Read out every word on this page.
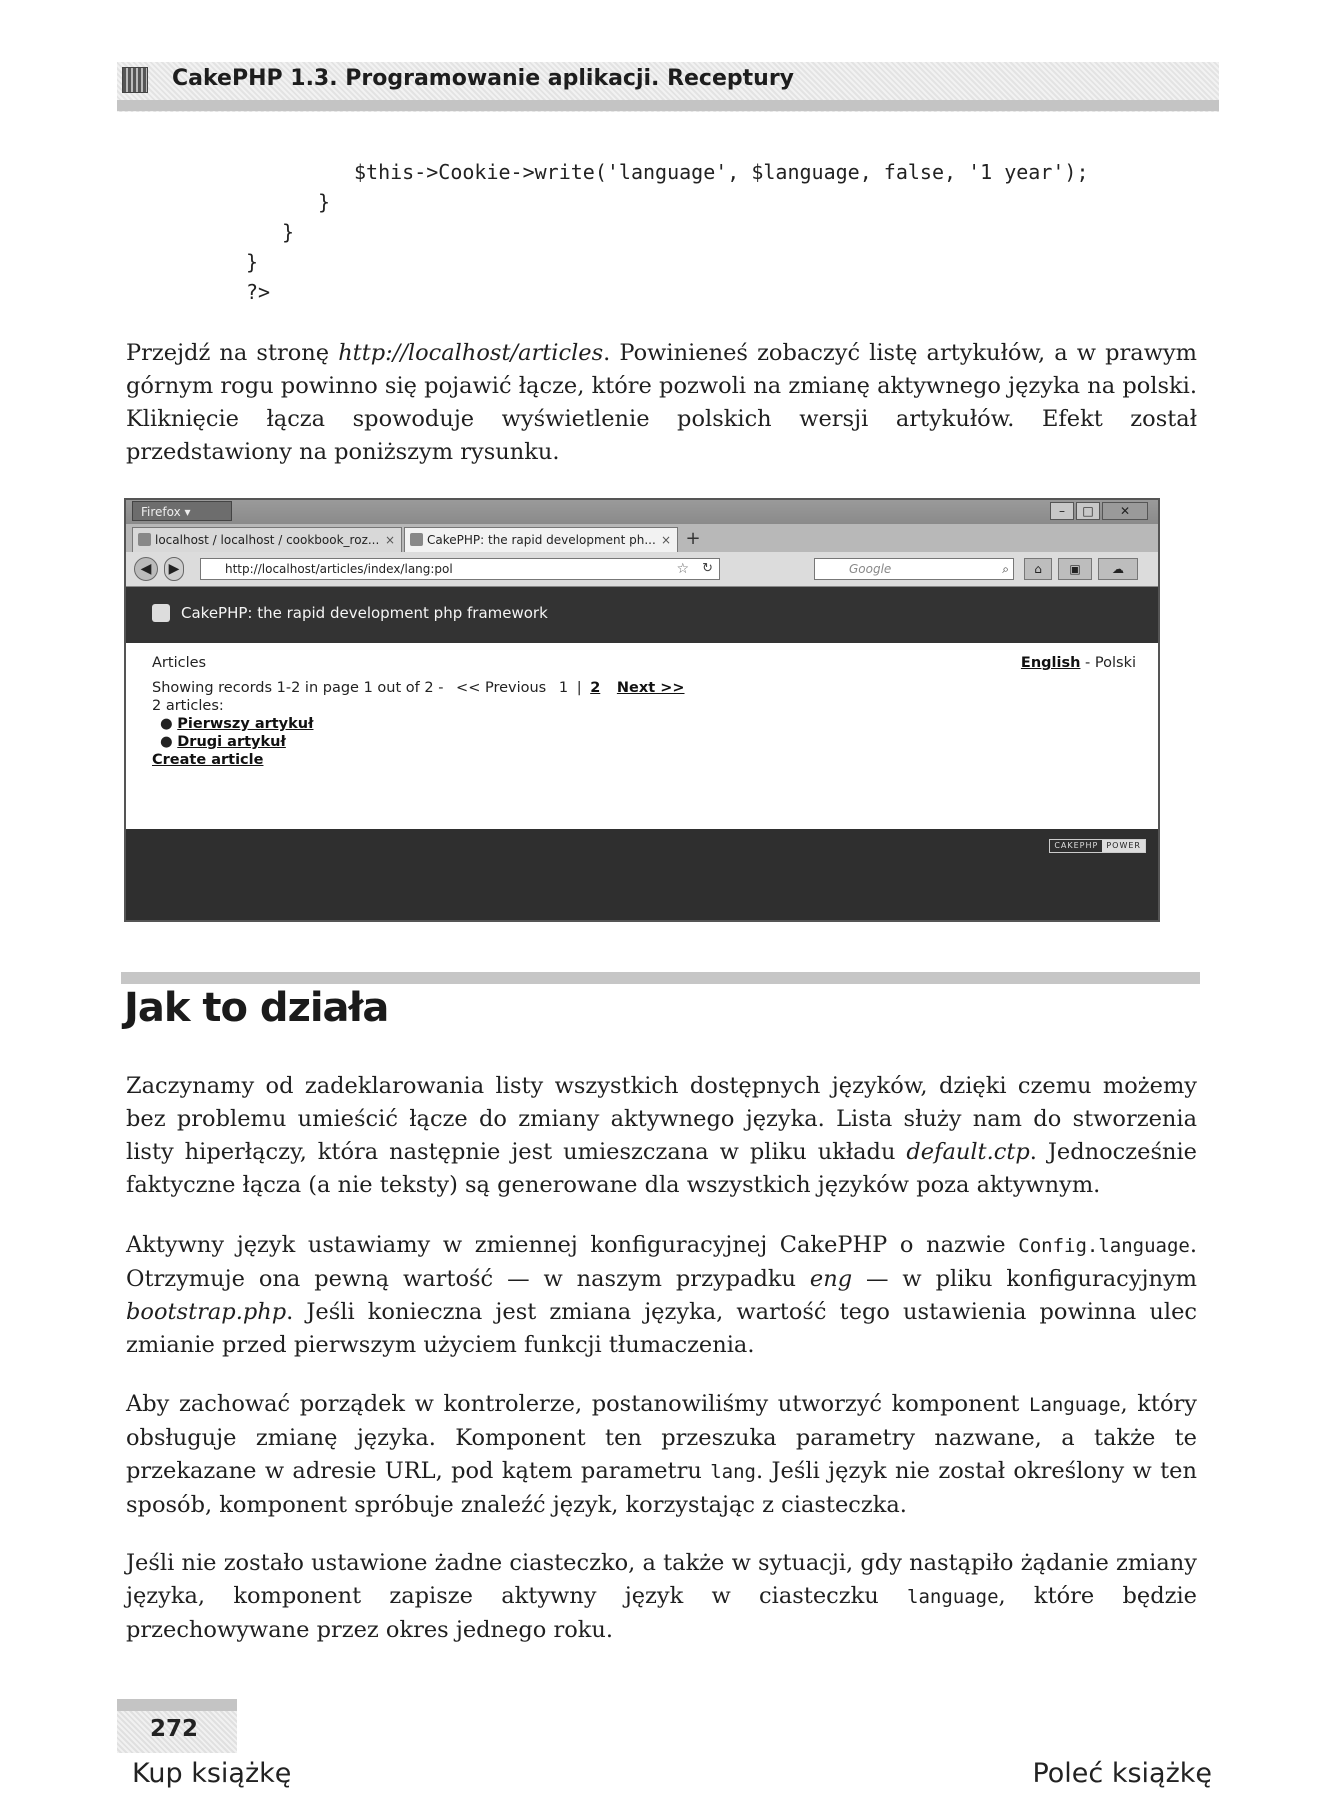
CakePHP 1.3. Programowanie aplikacji. Receptury
$this->Cookie->write('language', $language, false, '1 year');
}
}
}
?>

Przejdź na stronę http://localhost/articles. Powinieneś zobaczyć listę artykułów, a w prawym górnym rogu powinno się pojawić łącze, które pozwoli na zmianę aktywnego języka na polski. Kliknięcie łącza spowoduje wyświetlenie polskich wersji artykułów. Efekt został przedstawiony na poniższym rysunku.

Firefox ▾	–	□	✕
localhost / localhost / cookbook_roz... ×	CakePHP: the rapid development ph... × +
◀	▶	http://localhost/articles/index/lang:pol	☆ ↻	Google	⌕	⌂	▣	☁
CakePHP: the rapid development php framework
Articles	English - Polski
Showing records 1-2 in page 1 out of 2 - << Previous 1 | 2 Next >>
2 articles:
● Pierwszy artykuł
● Drugi artykuł
Create article
CAKEPHP	POWER
Jak to działa

Zaczynamy od zadeklarowania listy wszystkich dostępnych języków, dzięki czemu możemy bez problemu umieścić łącze do zmiany aktywnego języka. Lista służy nam do stworzenia listy hiperłączy, która następnie jest umieszczana w pliku układu default.ctp. Jednocześnie faktyczne łącza (a nie teksty) są generowane dla wszystkich języków poza aktywnym.

Aktywny język ustawiamy w zmiennej konfiguracyjnej CakePHP o nazwie Config.language. Otrzymuje ona pewną wartość — w naszym przypadku eng — w pliku konfiguracyjnym bootstrap.php. Jeśli konieczna jest zmiana języka, wartość tego ustawienia powinna ulec zmianie przed pierwszym użyciem funkcji tłumaczenia.

Aby zachować porządek w kontrolerze, postanowiliśmy utworzyć komponent Language, który obsługuje zmianę języka. Komponent ten przeszuka parametry nazwane, a także te przekazane w adresie URL, pod kątem parametru lang. Jeśli język nie został określony w ten sposób, komponent spróbuje znaleźć język, korzystając z ciasteczka.

Jeśli nie zostało ustawione żadne ciasteczko, a także w sytuacji, gdy nastąpiło żądanie zmiany języka, komponent zapisze aktywny język w ciasteczku language, które będzie przechowywane przez okres jednego roku.

272
Kup książkę	Poleć książkę
